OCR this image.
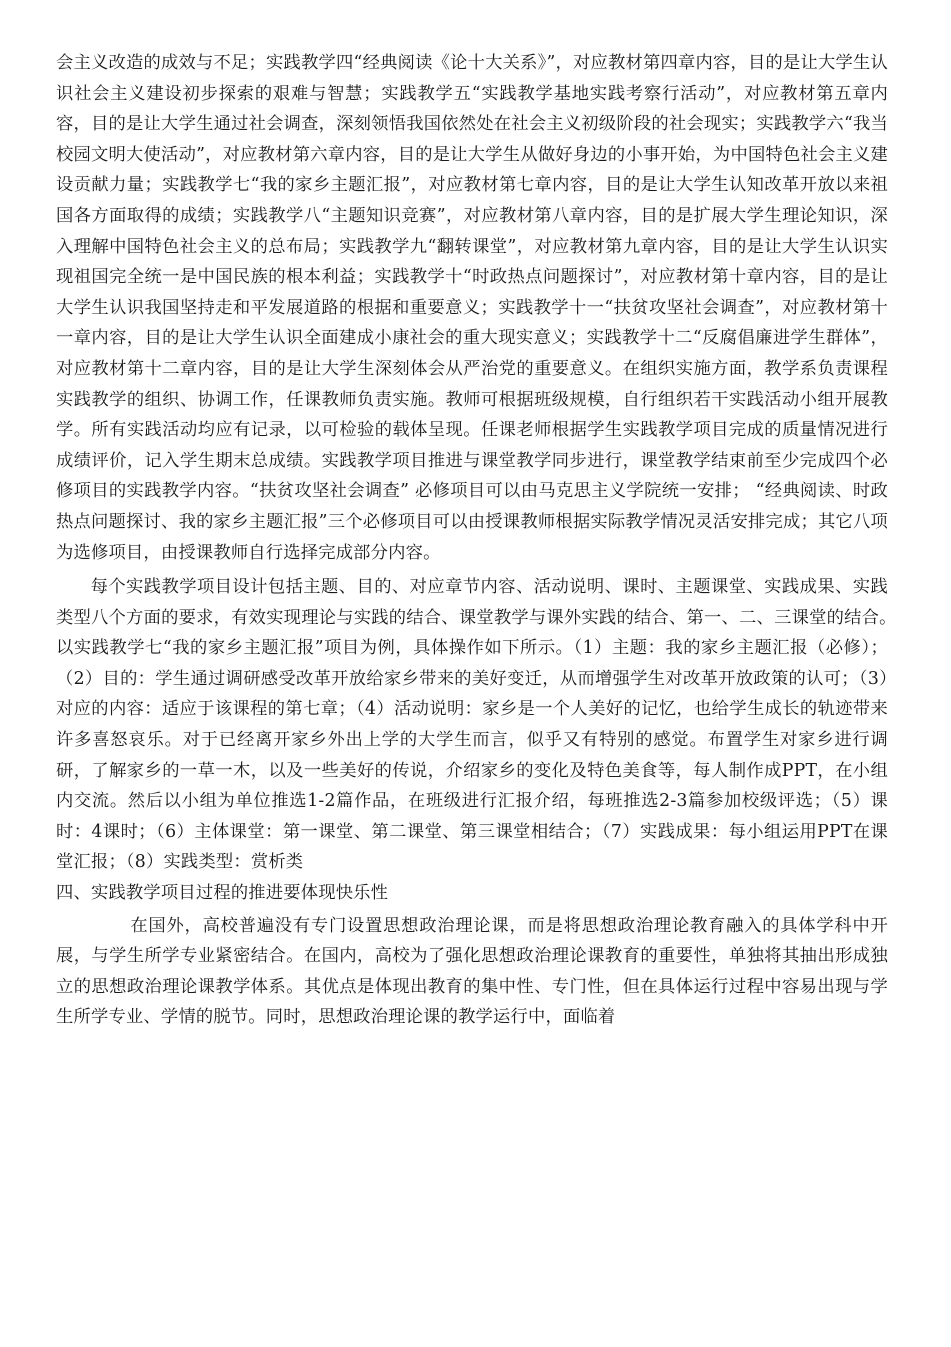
会主义改造的成效与不足；实践教学四“经典阅读《论十大关系》”，对应教材第四章内容，目的是让大学生认识社会主义建设初步探索的艰难与智慧；实践教学五“实践教学基地实践考察行活动”，对应教材第五章内容，目的是让大学生通过社会调查，深刻领悟我国依然处在社会主义初级阶段的社会现实；实践教学六“我当校园文明大使活动”，对应教材第六章内容，目的是让大学生从做好身边的小事开始，为中国特色社会主义建设贡献力量；实践教学七“我的家乡主题汇报”，对应教材第七章内容，目的是让大学生认知改革开放以来祖国各方面取得的成绩；实践教学八“主题知识竞赛”，对应教材第八章内容，目的是扩展大学生理论知识，深入理解中国特色社会主义的总布局；实践教学九“翻转课堂”，对应教材第九章内容，目的是让大学生认识实现祖国完全统一是中国民族的根本利益；实践教学十“时政热点问题探讨”，对应教材第十章内容，目的是让大学生认识我国坚持走和平发展道路的根据和重要意义；实践教学十一“扶贫攻坚社会调查”，对应教材第十一章内容，目的是让大学生认识全面建成小康社会的重大现实意义；实践教学十二“反腐倡廉进学生群体”，对应教材第十二章内容，目的是让大学生深刻体会从严治党的重要意义。在组织实施方面，教学系负责课程实践教学的组织、协调工作，任课教师负责实施。教师可根据班级规模，自行组织若干实践活动小组开展教学。所有实践活动均应有记录，以可检验的载体呈现。任课老师根据学生实践教学项目完成的质量情况进行成绩评价，记入学生期末总成绩。实践教学项目推进与课堂教学同步进行，课堂教学结束前至少完成四个必修项目的实践教学内容。“扶贫攻坚社会调查” 必修项目可以由马克思主义学院统一安排； “经典阅读、时政热点问题探讨、我的家乡主题汇报”三个必修项目可以由授课教师根据实际教学情况灵活安排完成；其它八项为选修项目，由授课教师自行选择完成部分内容。

每个实践教学项目设计包括主题、目的、对应章节内容、活动说明、课时、主题课堂、实践成果、实践类型八个方面的要求，有效实现理论与实践的结合、课堂教学与课外实践的结合、第一、二、三课堂的结合。　以实践教学七“我的家乡主题汇报”项目为例，具体操作如下所示。（1）主题：我的家乡主题汇报（必修）；（2）目的：学生通过调研感受改革开放给家乡带来的美好变迁，从而增强学生对改革开放政策的认可；（3）对应的内容：适应于该课程的第七章；（4）活动说明：家乡是一个人美好的记忆，也给学生成长的轨迹带来许多喜怒哀乐。对于已经离开家乡外出上学的大学生而言，似乎又有特别的感觉。布置学生对家乡进行调研，了解家乡的一草一木，以及一些美好的传说，介绍家乡的变化及特色美食等，每人制作成PPT，在小组内交流。然后以小组为单位推选1-2篇作品，在班级进行汇报介绍，每班推选2-3篇参加校级评选；（5）课时：4课时；（6）主体课堂：第一课堂、第二课堂、第三课堂相结合；（7）实践成果：每小组运用PPT在课堂汇报；（8）实践类型：赏析类

四、实践教学项目过程的推进要体现快乐性

在国外，高校普遍没有专门设置思想政治理论课，而是将思想政治理论教育融入的具体学科中开展，与学生所学专业紧密结合。在国内，高校为了强化思想政治理论课教育的重要性，单独将其抽出形成独立的思想政治理论课教学体系。其优点是体现出教育的集中性、专门性，但在具体运行过程中容易出现与学生所学专业、学情的脱节。同时，思想政治理论课的教学运行中，面临着
